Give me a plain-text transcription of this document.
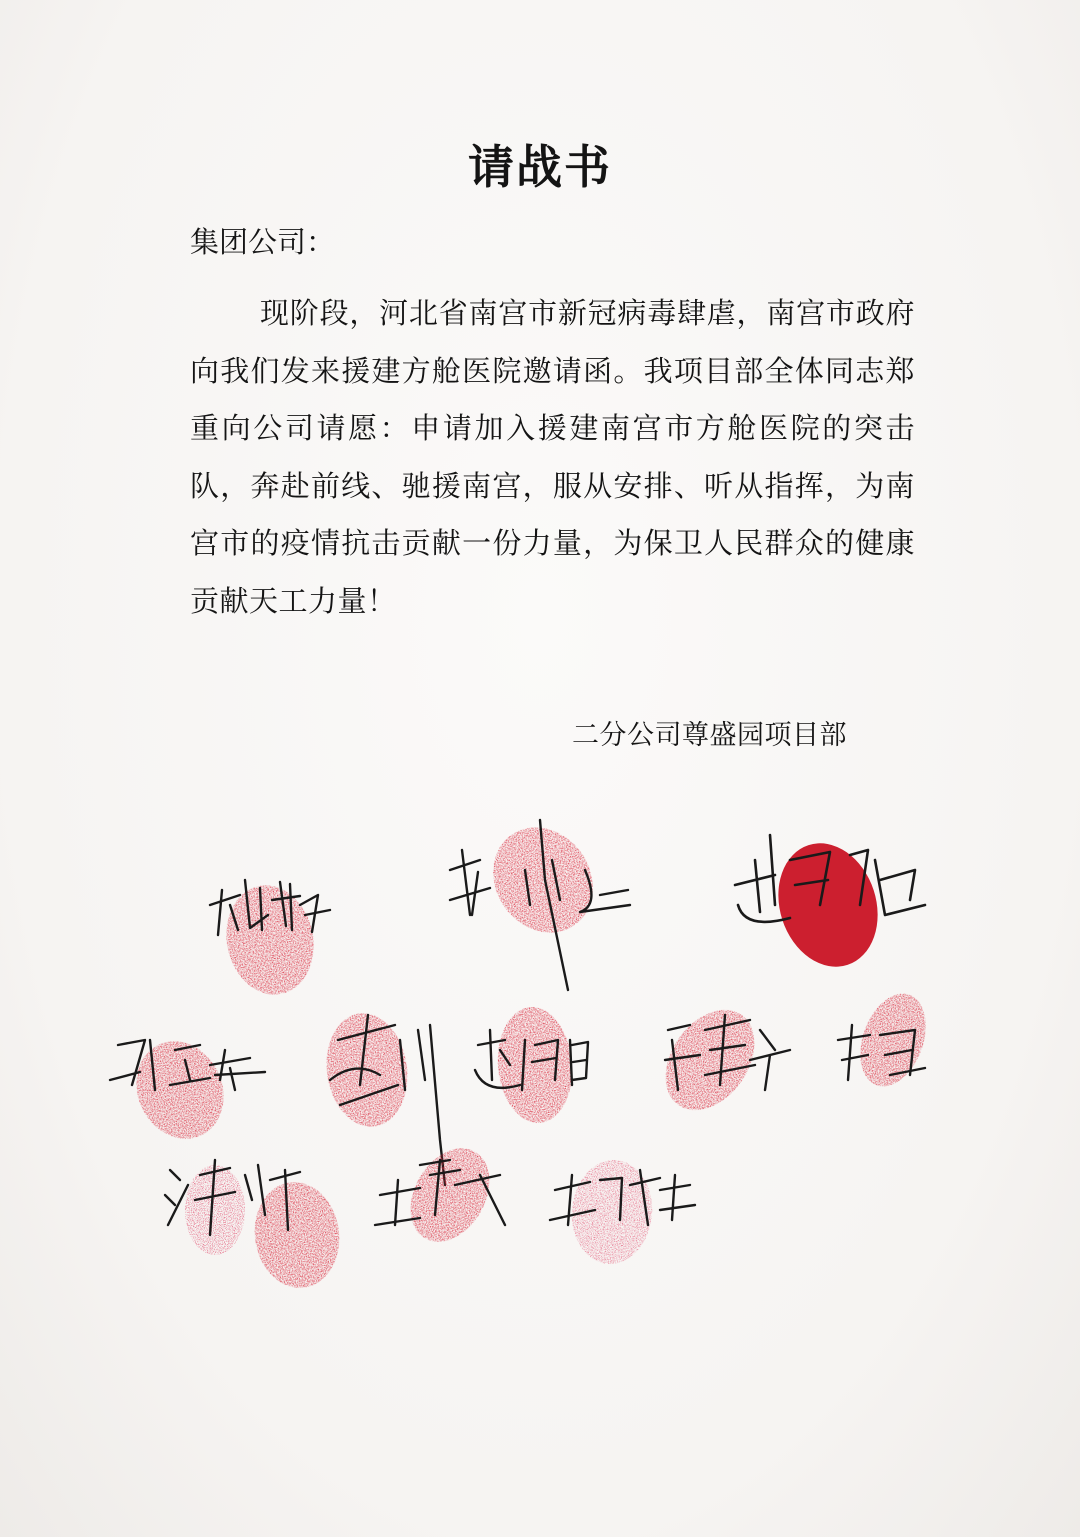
请战书
集团公司：

现阶段，河北省南宫市新冠病毒肆虐，南宫市政府向我们发来援建方舱医院邀请函。我项目部全体同志郑重向公司请愿：申请加入援建南宫市方舱医院的突击队，奔赴前线、驰援南宫，服从安排、听从指挥，为南宫市的疫情抗击贡献一份力量，为保卫人民群众的健康贡献天工力量！

二分公司尊盛园项目部
